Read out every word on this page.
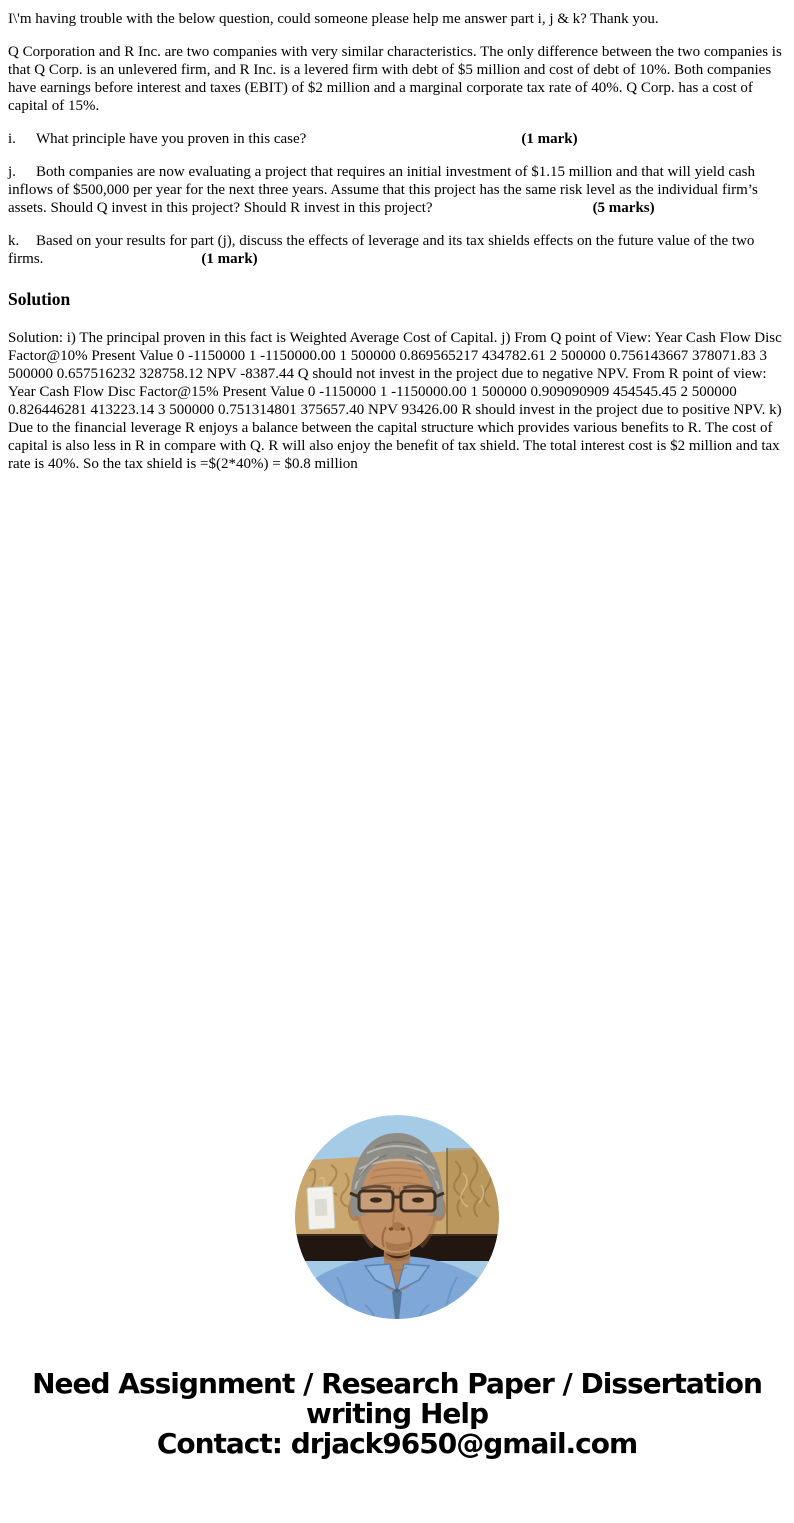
I\'m having trouble with the below question, could someone please help me answer part i, j & k? Thank you.

Q Corporation and R Inc. are two companies with very similar characteristics. The only difference between the two companies is that Q Corp. is an unlevered firm, and R Inc. is a levered firm with debt of $5 million and cost of debt of 10%. Both companies have earnings before interest and taxes (EBIT) of $2 million and a marginal corporate tax rate of 40%. Q Corp. has a cost of capital of 15%.

i. What principle have you proven in this case?	(1 mark)

j. Both companies are now evaluating a project that requires an initial investment of $1.15 million and that will yield cash inflows of $500,000 per year for the next three years. Assume that this project has the same risk level as the individual firm’s assets. Should Q invest in this project? Should R invest in this project?	(5 marks)

k. Based on your results for part (j), discuss the effects of leverage and its tax shields effects on the future value of the two firms.	(1 mark)

Solution

Solution: i) The principal proven in this fact is Weighted Average Cost of Capital. j) From Q point of View: Year Cash Flow Disc Factor@10% Present Value 0 -1150000 1 -1150000.00 1 500000 0.869565217 434782.61 2 500000 0.756143667 378071.83 3 500000 0.657516232 328758.12 NPV -8387.44 Q should not invest in the project due to negative NPV. From R point of view: Year Cash Flow Disc Factor@15% Present Value 0 -1150000 1 -1150000.00 1 500000 0.909090909 454545.45 2 500000 0.826446281 413223.14 3 500000 0.751314801 375657.40 NPV 93426.00 R should invest in the project due to positive NPV. k) Due to the financial leverage R enjoys a balance between the capital structure which provides various benefits to R. The cost of capital is also less in R in compare with Q. R will also enjoy the benefit of tax shield. The total interest cost is $2 million and tax rate is 40%. So the tax shield is =$(2*40%) = $0.8 million

Need Assignment / Research Paper / Dissertation
writing Help
Contact: drjack9650@gmail.com
